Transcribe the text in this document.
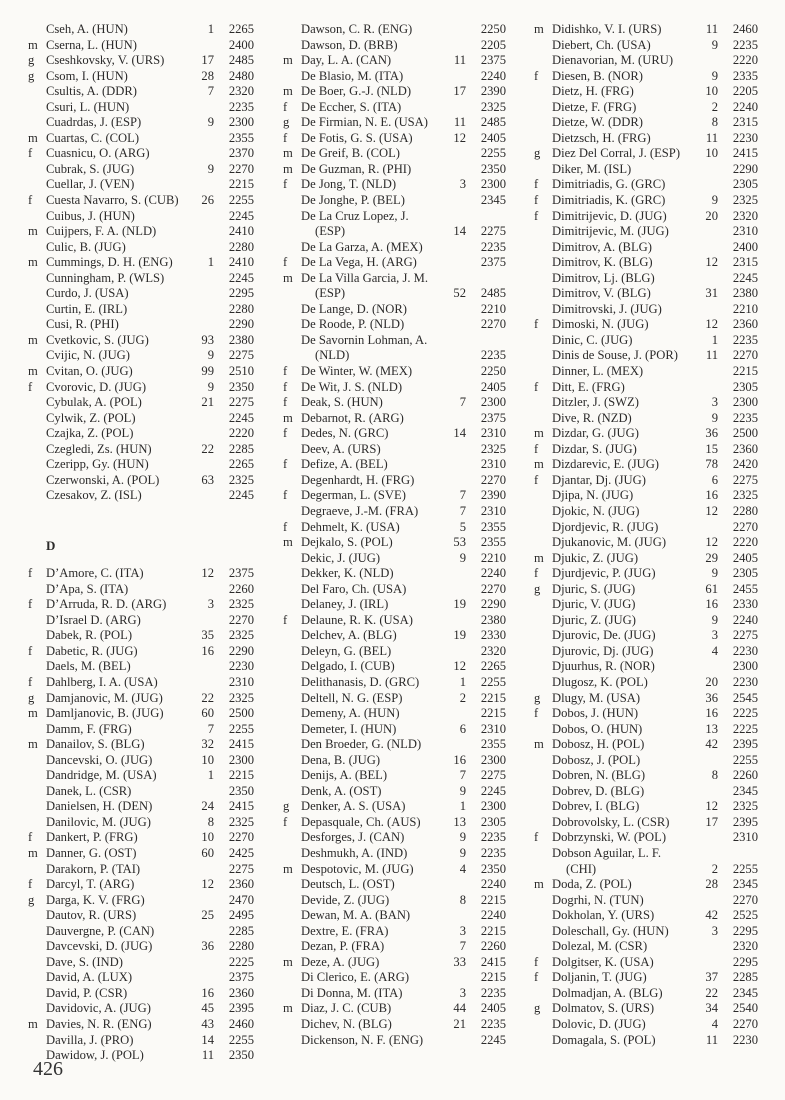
Cseh, A. (HUN)	1	2265
m Cserna, L. (HUN)	2400
g Cseshkovsky, V. (URS)	17	2485
g Csom, I. (HUN)	28	2480
Csultis, A. (DDR)	7	2320
Csuri, L. (HUN)	2235
Cuadrdas, J. (ESP)	9	2300
m Cuartas, C. (COL)	2355
f	Cuasnicu, O. (ARG)	2370
Cubrak, S. (JUG)	9	2270
Cuellar, J. (VEN)	2215
f	Cuesta Navarro, S. (CUB)	26	2255
Cuibus, J. (HUN)	2245
m Cuijpers, F. A. (NLD)	2410
Culic, B. (JUG)	2280
m Cummings, D. H. (ENG)	1	2410
Cunningham, P. (WLS)	2245
Curdo, J. (USA)	2295
Curtin, E. (IRL)	2280
Cusi, R. (PHI)	2290
m Cvetkovic, S. (JUG)	93	2380
Cvijic, N. (JUG)	9	2275
m Cvitan, O. (JUG)	99	2510
f	Cvorovic, D. (JUG)	9	2350
Cybulak, A. (POL)	21	2275
Cylwik, Z. (POL)	2245
Czajka, Z. (POL)	2220
Czegledi, Zs. (HUN)	22	2285
Czeripp, Gy. (HUN)	2265
Czerwonski, A. (POL)	63	2325
Czesakov, Z. (ISL)	2245
D
f	D’Amore, C. (ITA)	12	2375
D’Apa, S. (ITA)	2260
f	D’Arruda, R. D. (ARG)	3	2325
D’Israel D. (ARG)	2270
Dabek, R. (POL)	35	2325
f	Dabetic, R. (JUG)	16	2290
Daels, M. (BEL)	2230
f	Dahlberg, I. A. (USA)	2310
g Damjanovic, M. (JUG)	22	2325
m Damljanovic, B. (JUG)	60	2500
Damm, F. (FRG)	7	2255
m Danailov, S. (BLG)	32	2415
Dancevski, O. (JUG)	10	2300
Dandridge, M. (USA)	1	2215
Danek, L. (CSR)	2350
Danielsen, H. (DEN)	24	2415
Danilovic, M. (JUG)	8	2325
f	Dankert, P. (FRG)	10	2270
m Danner, G. (OST)	60	2425
Darakorn, P. (TAI)	2275
f	Darcyl, T. (ARG)	12	2360
g Darga, K. V. (FRG)	2470
Dautov, R. (URS)	25	2495
Dauvergne, P. (CAN)	2285
Davcevski, D. (JUG)	36	2280
Dave, S. (IND)	2225
David, A. (LUX)	2375
David, P. (CSR)	16	2360
Davidovic, A. (JUG)	45	2395
m Davies, N. R. (ENG)	43	2460
Davilla, J. (PRO)	14	2255
Dawidow, J. (POL)	11	2350
Dawson, C. R. (ENG)	2250
Dawson, D. (BRB)	2205
m Day, L. A. (CAN)	11	2375
De Blasio, M. (ITA)	2240
m De Boer, G.-J. (NLD)	17	2390
f	De Eccher, S. (ITA)	2325
g De Firmian, N. E. (USA)	11	2485
f	De Fotis, G. S. (USA)	12	2405
m De Greif, B. (COL)	2255
m De Guzman, R. (PHI)	2350
f	De Jong, T. (NLD)	3	2300
De Jonghe, P. (BEL)	2345
De La Cruz Lopez, J.
(ESP)	14	2275
De La Garza, A. (MEX)	2235
f	De La Vega, H. (ARG)	2375
m De La Villa Garcia, J. M.
(ESP)	52	2485
De Lange, D. (NOR)	2210
De Roode, P. (NLD)	2270
De Savornin Lohman, A.
(NLD)	2235
f	De Winter, W. (MEX)	2250
f	De Wit, J. S. (NLD)	2405
f	Deak, S. (HUN)	7	2300
m Debarnot, R. (ARG)	2375
f	Dedes, N. (GRC)	14	2310
Deev, A. (URS)	2325
f	Defize, A. (BEL)	2310
Degenhardt, H. (FRG)	2270
f	Degerman, L. (SVE)	7	2390
Degraeve, J.-M. (FRA)	7	2310
f	Dehmelt, K. (USA)	5	2355
m Dejkalo, S. (POL)	53	2355
Dekic, J. (JUG)	9	2210
Dekker, K. (NLD)	2240
Del Faro, Ch. (USA)	2270
Delaney, J. (IRL)	19	2290
f	Delaune, R. K. (USA)	2380
Delchev, A. (BLG)	19	2330
Deleyn, G. (BEL)	2320
Delgado, I. (CUB)	12	2265
Delithanasis, D. (GRC)	1	2255
Deltell, N. G. (ESP)	2	2215
Demeny, A. (HUN)	2215
Demeter, I. (HUN)	6	2310
Den Broeder, G. (NLD)	2355
Dena, B. (JUG)	16	2300
Denijs, A. (BEL)	7	2275
Denk, A. (OST)	9	2245
g Denker, A. S. (USA)	1	2300
f	Depasquale, Ch. (AUS)	13	2305
Desforges, J. (CAN)	9	2235
Deshmukh, A. (IND)	9	2235
m Despotovic, M. (JUG)	4	2350
Deutsch, L. (OST)	2240
Devide, Z. (JUG)	8	2215
Dewan, M. A. (BAN)	2240
Dextre, E. (FRA)	3	2215
Dezan, P. (FRA)	7	2260
m Deze, A. (JUG)	33	2415
Di Clerico, E. (ARG)	2215
Di Donna, M. (ITA)	3	2235
m Diaz, J. C. (CUB)	44	2405
Dichev, N. (BLG)	21	2235
Dickenson, N. F. (ENG)	2245
m Didishko, V. I. (URS)	11	2460
Diebert, Ch. (USA)	9	2235
Dienavorian, M. (URU)	2220
f	Diesen, B. (NOR)	9	2335
Dietz, H. (FRG)	10	2205
Dietze, F. (FRG)	2	2240
Dietze, W. (DDR)	8	2315
Dietzsch, H. (FRG)	11	2230
g Diez Del Corral, J. (ESP)	10	2415
Diker, M. (ISL)	2290
f	Dimitriadis, G. (GRC)	2305
f	Dimitriadis, K. (GRC)	9	2325
f	Dimitrijevic, D. (JUG)	20	2320
Dimitrijevic, M. (JUG)	2310
Dimitrov, A. (BLG)	2400
Dimitrov, K. (BLG)	12	2315
Dimitrov, Lj. (BLG)	2245
Dimitrov, V. (BLG)	31	2380
Dimitrovski, J. (JUG)	2210
f	Dimoski, N. (JUG)	12	2360
Dinic, C. (JUG)	1	2235
Dinis de Souse, J. (POR)	11	2270
Dinner, L. (MEX)	2215
f	Ditt, E. (FRG)	2305
Ditzler, J. (SWZ)	3	2300
Dive, R. (NZD)	9	2235
m Dizdar, G. (JUG)	36	2500
f	Dizdar, S. (JUG)	15	2360
m Dizdarevic, E. (JUG)	78	2420
f	Djantar, Dj. (JUG)	6	2275
Djipa, N. (JUG)	16	2325
Djokic, N. (JUG)	12	2280
Djordjevic, R. (JUG)	2270
Djukanovic, M. (JUG)	12	2220
m Djukic, Z. (JUG)	29	2405
f	Djurdjevic, P. (JUG)	9	2305
g Djuric, S. (JUG)	61	2455
Djuric, V. (JUG)	16	2330
Djuric, Z. (JUG)	9	2240
Djurovic, De. (JUG)	3	2275
Djurovic, Dj. (JUG)	4	2230
Djuurhus, R. (NOR)	2300
Dlugosz, K. (POL)	20	2230
g Dlugy, M. (USA)	36	2545
f	Dobos, J. (HUN)	16	2225
Dobos, O. (HUN)	13	2225
m Dobosz, H. (POL)	42	2395
Dobosz, J. (POL)	2255
Dobren, N. (BLG)	8	2260
Dobrev, D. (BLG)	2345
Dobrev, I. (BLG)	12	2325
Dobrovolsky, L. (CSR)	17	2395
f	Dobrzynski, W. (POL)	2310
Dobson Aguilar, L. F.
(CHI)	2	2255
m Doda, Z. (POL)	28	2345
Dogrhi, N. (TUN)	2270
Dokholan, Y. (URS)	42	2525
Doleschall, Gy. (HUN)	3	2295
Dolezal, M. (CSR)	2320
f	Dolgitser, K. (USA)	2295
f	Doljanin, T. (JUG)	37	2285
Dolmadjan, A. (BLG)	22	2345
g Dolmatov, S. (URS)	34	2540
Dolovic, D. (JUG)	4	2270
Domagala, S. (POL)	11	2230
426
